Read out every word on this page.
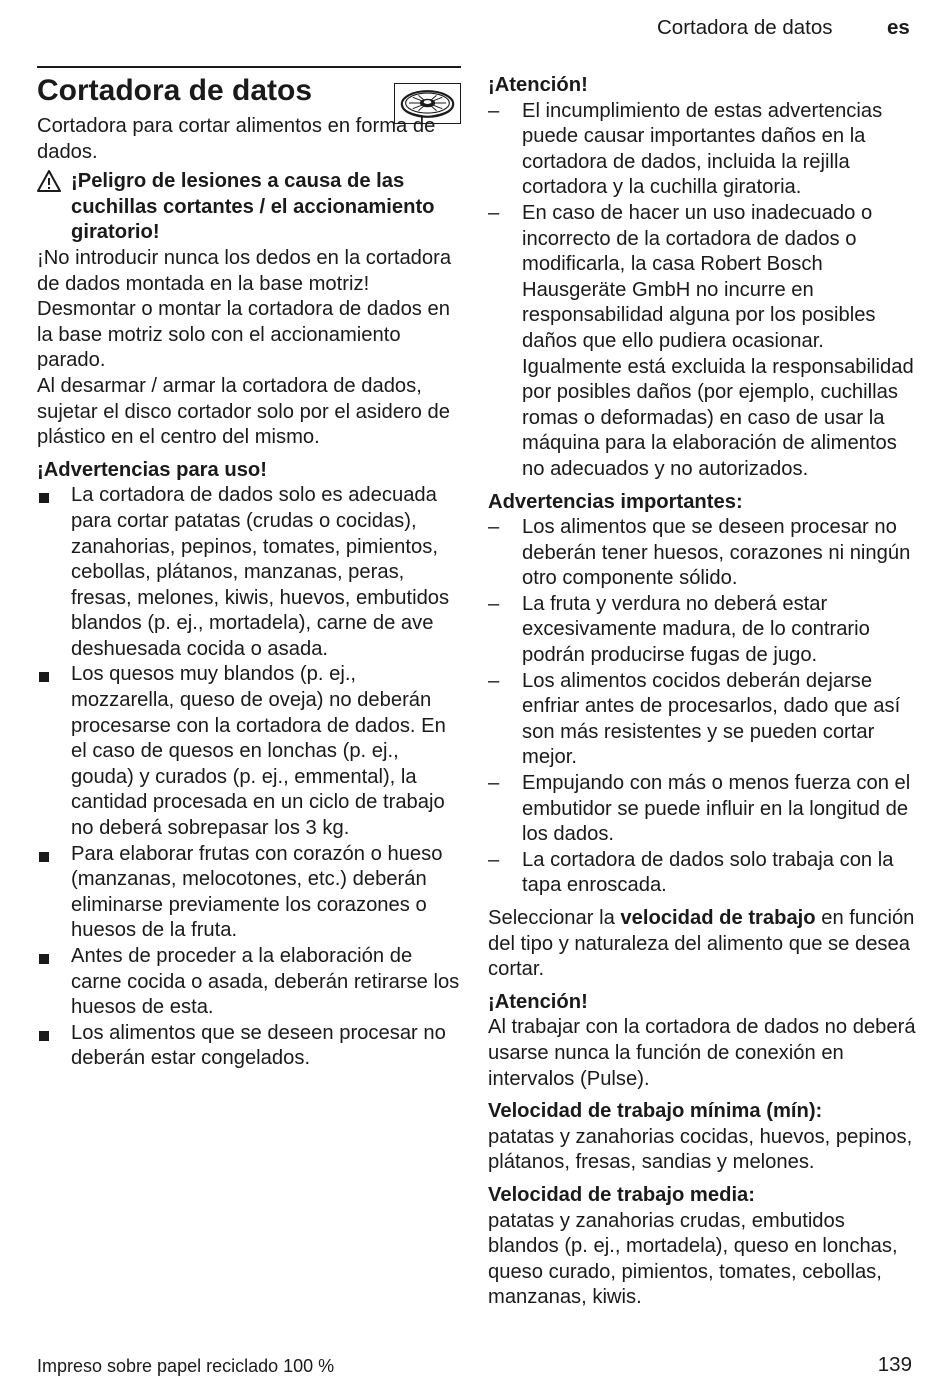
Cortadora de datos	es
Cortadora de datos

Cortadora para cortar alimentos en forma de dados.

¡Peligro de lesiones a causa de las cuchillas cortantes / el accionamiento giratorio!

¡No introducir nunca los dedos en la cortadora de dados montada en la base motriz! Desmontar o montar la cortadora de dados en la base motriz solo con el accionamiento parado.

Al desarmar / armar la cortadora de dados, sujetar el disco cortador solo por el asidero de plástico en el centro del mismo.

¡Advertencias para uso!

La cortadora de dados solo es adecuada para cortar patatas (crudas o cocidas), zanahorias, pepinos, tomates, pimientos, cebollas, plátanos, manzanas, peras, fresas, melones, kiwis, huevos, embutidos blandos (p. ej., mortadela), carne de ave deshuesada cocida o asada.
Los quesos muy blandos (p. ej., mozzarella, queso de oveja) no deberán procesarse con la cortadora de dados. En el caso de quesos en lonchas (p. ej., gouda) y curados (p. ej., emmental), la cantidad procesada en un ciclo de trabajo no deberá sobrepasar los 3 kg.
Para elaborar frutas con corazón o hueso (manzanas, melocotones, etc.) deberán eliminarse previamente los corazones o huesos de la fruta.
Antes de proceder a la elaboración de carne cocida o asada, deberán retirarse los huesos de esta.
Los alimentos que se deseen procesar no deberán estar congelados.

¡Atención!

– El incumplimiento de estas advertencias puede causar importantes daños en la cortadora de dados, incluida la rejilla cortadora y la cuchilla giratoria.
– En caso de hacer un uso inadecuado o incorrecto de la cortadora de dados o modificarla, la casa Robert Bosch Hausgeräte GmbH no incurre en responsabilidad alguna por los posibles daños que ello pudiera ocasionar. Igualmente está excluida la responsabilidad por posibles daños (por ejemplo, cuchillas romas o deformadas) en caso de usar la máquina para la elaboración de alimentos no adecuados y no autorizados.

Advertencias importantes:

– Los alimentos que se deseen procesar no deberán tener huesos, corazones ni ningún otro componente sólido.
– La fruta y verdura no deberá estar excesivamente madura, de lo contrario podrán producirse fugas de jugo.
– Los alimentos cocidos deberán dejarse enfriar antes de procesarlos, dado que así son más resistentes y se pueden cortar mejor.
– Empujando con más o menos fuerza con el embutidor se puede influir en la longitud de los dados.
– La cortadora de dados solo trabaja con la tapa enroscada.

Seleccionar la velocidad de trabajo en función del tipo y naturaleza del alimento que se desea cortar.

¡Atención!

Al trabajar con la cortadora de dados no deberá usarse nunca la función de conexión en intervalos (Pulse).

Velocidad de trabajo mínima (mín):

patatas y zanahorias cocidas, huevos, pepinos, plátanos, fresas, sandias y melones.

Velocidad de trabajo media:

patatas y zanahorias crudas, embutidos blandos (p. ej., mortadela), queso en lonchas, queso curado, pimientos, tomates, cebollas, manzanas, kiwis.

Impreso sobre papel reciclado 100 %	139
